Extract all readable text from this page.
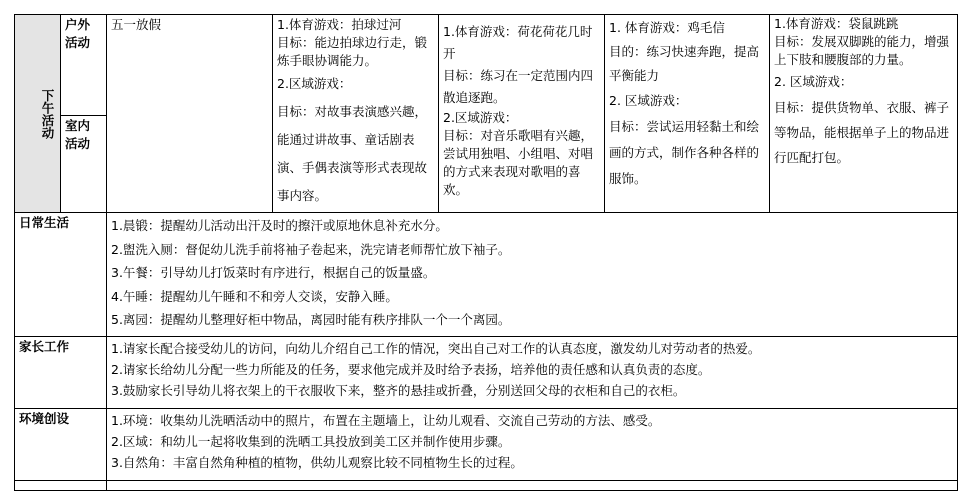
下午活动	户外活动	五一放假	1.体育游戏：拍球过河
目标：能边拍球边行走，锻炼手眼协调能力。
2.区域游戏：
目标：对故事表演感兴趣，能通过讲故事、童话剧表演、手偶表演等形式表现故事内容。	1.体育游戏：荷花荷花几时开
目标：练习在一定范围内四散追逐跑。
2.区域游戏：
目标：对音乐歌唱有兴趣，尝试用独唱、小组唱、对唱的方式来表现对歌唱的喜欢。	1. 体育游戏：鸡毛信
目的：练习快速奔跑，提高平衡能力
2. 区域游戏：
目标：尝试运用轻黏土和绘画的方式，制作各种各样的服饰。	1.体育游戏：袋鼠跳跳
目标：发展双脚跳的能力，增强上下肢和腰腹部的力量。
2. 区域游戏：
目标：提供货物单、衣服、裤子等物品，能根据单子上的物品进行匹配打包。

	室内活动					
日常生活		1.晨锻：提醒幼儿活动出汗及时的擦汗或原地休息补充水分。
2.盥洗入厕：督促幼儿洗手前将袖子卷起来，洗完请老师帮忙放下袖子。
3.午餐：引导幼儿打饭菜时有序进行，根据自己的饭量盛。
4.午睡：提醒幼儿午睡和不和旁人交谈，安静入睡。
5.离园：提醒幼儿整理好柜中物品，离园时能有秩序排队一个一个离园。				

家长工作		1.请家长配合接受幼儿的访问，向幼儿介绍自己工作的情况，突出自己对工作的认真态度，激发幼儿对劳动者的热爱。
2.请家长给幼儿分配一些力所能及的任务，要求他完成并及时给予表扬，培养他的责任感和认真负责的态度。
3.鼓励家长引导幼儿将衣架上的干衣服收下来，整齐的悬挂或折叠，分别送回父母的衣柜和自己的衣柜。				

环境创设		1.环境：收集幼儿洗晒活动中的照片，布置在主题墙上，让幼儿观看、交流自己劳动的方法、感受。
2.区域：和幼儿一起将收集到的洗晒工具投放到美工区并制作使用步骤。
3.自然角：丰富自然角种植的植物，供幼儿观察比较不同植物生长的过程。				
